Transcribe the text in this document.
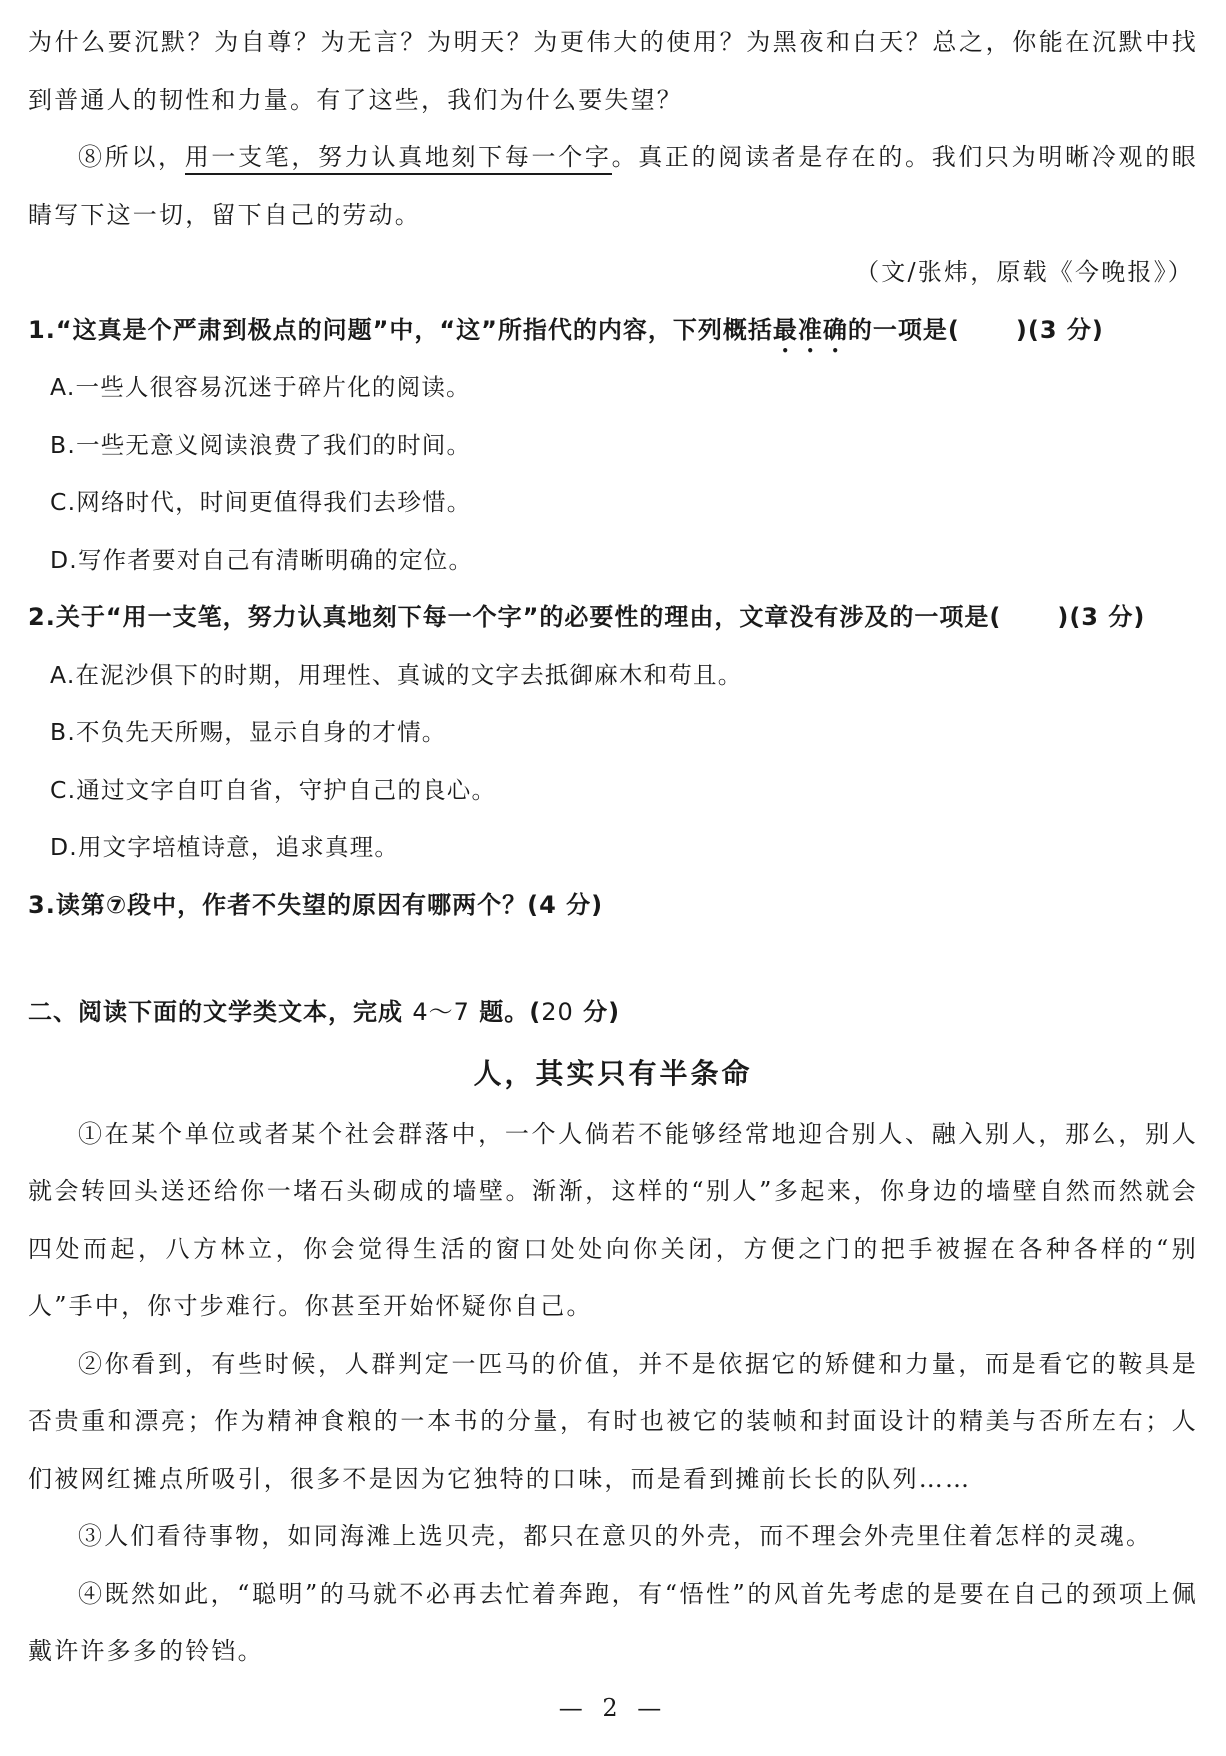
为什么要沉默？为自尊？为无言？为明天？为更伟大的使用？为黑夜和白天？总之，你能在沉默中找到普通人的韧性和力量。有了这些，我们为什么要失望？

⑧所以，用一支笔，努力认真地刻下每一个字。真正的阅读者是存在的。我们只为明晰冷观的眼睛写下这一切，留下自己的劳动。

（文/张炜，原载《今晚报》）

1.“这真是个严肃到极点的问题”中，“这”所指代的内容，下列概括最准确的一项是( )(3 分)

A.一些人很容易沉迷于碎片化的阅读。

B.一些无意义阅读浪费了我们的时间。

C.网络时代，时间更值得我们去珍惜。

D.写作者要对自己有清晰明确的定位。

2.关于“用一支笔，努力认真地刻下每一个字”的必要性的理由，文章没有涉及的一项是( )(3 分)

A.在泥沙俱下的时期，用理性、真诚的文字去抵御麻木和苟且。

B.不负先天所赐，显示自身的才情。

C.通过文字自叮自省，守护自己的良心。

D.用文字培植诗意，追求真理。

3.读第⑦段中，作者不失望的原因有哪两个？(4 分)

二、阅读下面的文学类文本，完成 4～7 题。(20 分)

人，其实只有半条命

①在某个单位或者某个社会群落中，一个人倘若不能够经常地迎合别人、融入别人，那么，别人就会转回头送还给你一堵石头砌成的墙壁。渐渐，这样的“别人”多起来，你身边的墙壁自然而然就会四处而起，八方林立，你会觉得生活的窗口处处向你关闭，方便之门的把手被握在各种各样的“别人”手中，你寸步难行。你甚至开始怀疑你自己。

②你看到，有些时候，人群判定一匹马的价值，并不是依据它的矫健和力量，而是看它的鞍具是否贵重和漂亮；作为精神食粮的一本书的分量，有时也被它的装帧和封面设计的精美与否所左右；人们被网红摊点所吸引，很多不是因为它独特的口味，而是看到摊前长长的队列……

③人们看待事物，如同海滩上选贝壳，都只在意贝的外壳，而不理会外壳里住着怎样的灵魂。

④既然如此，“聪明”的马就不必再去忙着奔跑，有“悟性”的风首先考虑的是要在自己的颈项上佩戴许许多多的铃铛。

— 2 —
